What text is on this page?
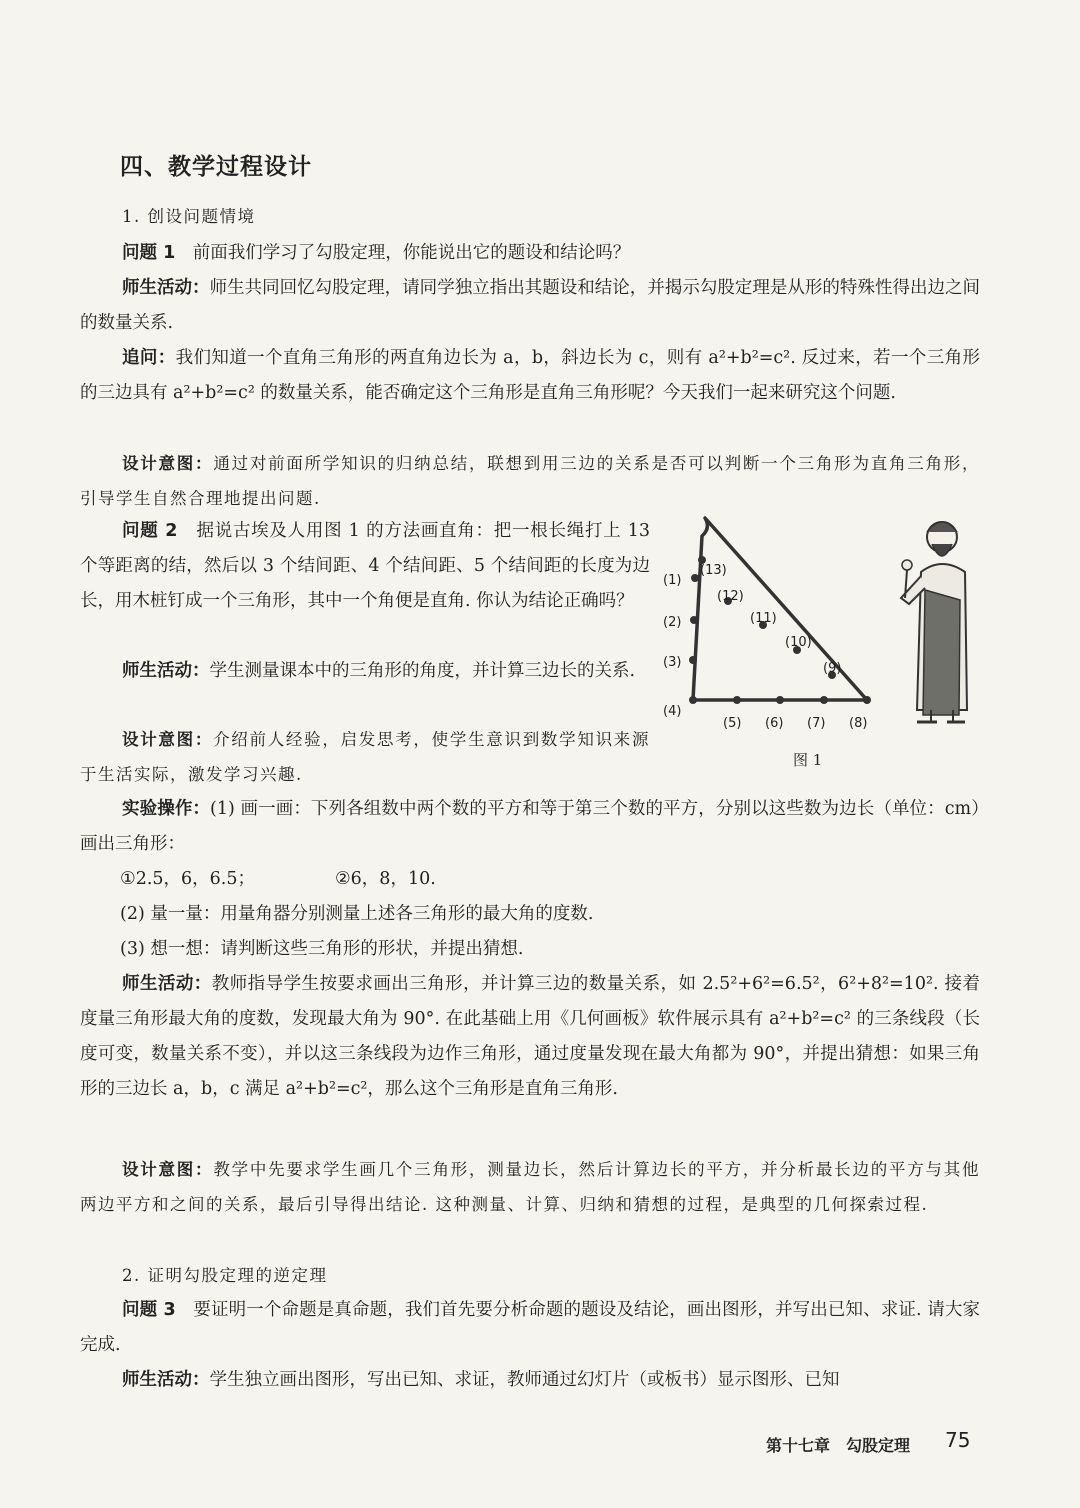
四、教学过程设计
1. 创设问题情境
问题 1　 前面我们学习了勾股定理，你能说出它的题设和结论吗？
师生活动：师生共同回忆勾股定理，请同学独立指出其题设和结论，并揭示勾股定理是从形的特殊性得出边之间的数量关系.
追问：我们知道一个直角三角形的两直角边长为 a，b，斜边长为 c，则有 a²+b²=c². 反过来，若一个三角形的三边具有 a²+b²=c² 的数量关系，能否确定这个三角形是直角三角形呢？今天我们一起来研究这个问题.
设计意图：通过对前面所学知识的归纳总结，联想到用三边的关系是否可以判断一个三角形为直角三角形，引导学生自然合理地提出问题.
问题 2　 据说古埃及人用图 1 的方法画直角：把一根长绳打上 13 个等距离的结，然后以 3 个结间距、4 个结间距、5 个结间距的长度为边长，用木桩钉成一个三角形，其中一个角便是直角. 你认为结论正确吗？
师生活动：学生测量课本中的三角形的角度，并计算三边长的关系.
设计意图：介绍前人经验，启发思考，使学生意识到数学知识来源于生活实际，激发学习兴趣.
(1)
(2)
(3)
(4)
(5) (6) (7) (8)
(9)
(10)
(11)
(12)
(13)
图 1
实验操作：(1) 画一画：下列各组数中两个数的平方和等于第三个数的平方，分别以这些数为边长（单位：cm）画出三角形：
①2.5，6，6.5；	②6，8，10.
(2) 量一量：用量角器分别测量上述各三角形的最大角的度数.
(3) 想一想：请判断这些三角形的形状，并提出猜想.
师生活动：教师指导学生按要求画出三角形，并计算三边的数量关系，如 2.5²+6²=6.5²，6²+8²=10². 接着度量三角形最大角的度数，发现最大角为 90°. 在此基础上用《几何画板》软件展示具有 a²+b²=c² 的三条线段（长度可变，数量关系不变），并以这三条线段为边作三角形，通过度量发现在最大角都为 90°，并提出猜想：如果三角形的三边长 a，b，c 满足 a²+b²=c²，那么这个三角形是直角三角形.
设计意图：教学中先要求学生画几个三角形，测量边长，然后计算边长的平方，并分析最长边的平方与其他两边平方和之间的关系，最后引导得出结论. 这种测量、计算、归纳和猜想的过程，是典型的几何探索过程.
2. 证明勾股定理的逆定理
问题 3　 要证明一个命题是真命题，我们首先要分析命题的题设及结论，画出图形，并写出已知、求证. 请大家完成.
师生活动：学生独立画出图形，写出已知、求证，教师通过幻灯片（或板书）显示图形、已知
第十七章　勾股定理 75
